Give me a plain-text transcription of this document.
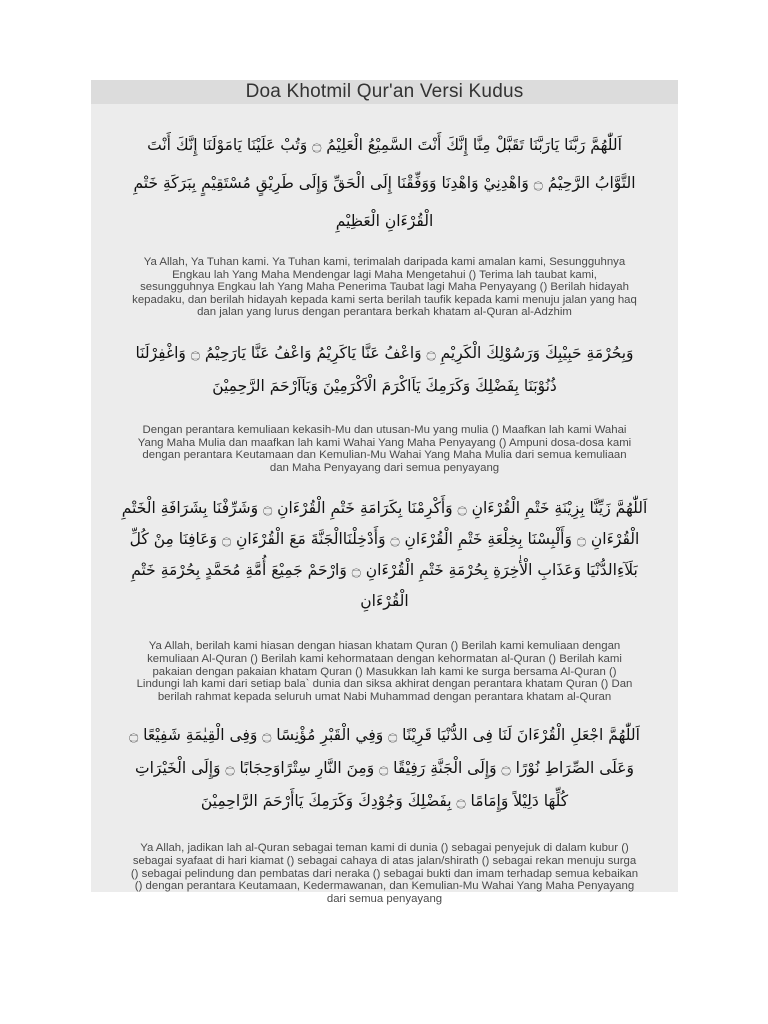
Doa Khotmil Qur'an Versi Kudus

اَللّٰهُمَّ رَبَّنَا يَارَبَّنَا تَقَبَّلْ مِنَّا إِنَّكَ أَنْتَ السَّمِيْعُ الْعَلِيْمُ ۝ وَتُبْ عَلَيْنَا يَامَوْلَنَا إِنَّكَ أَنْتَ

التَّوَّابُ الرَّحِيْمُ ۝ وَاهْدِنِيْ وَاهْدِنَا وَوَفِّقْنَا إِلَى الْحَقِّ وَإِلَى طَرِيْقٍ مُسْتَقِيْمٍ بِبَرَكَةِ خَتْمِ

الْقُرْءَانِ الْعَظِيْمِ

Ya Allah, Ya Tuhan kami. Ya Tuhan kami, terimalah daripada kami amalan kami, Sesungguhnya

Engkau lah Yang Maha Mendengar lagi Maha Mengetahui () Terima lah taubat kami,

sesungguhnya Engkau lah Yang Maha Penerima Taubat lagi Maha Penyayang () Berilah hidayah

kepadaku, dan berilah hidayah kepada kami serta berilah taufik kepada kami menuju jalan yang haq

dan jalan yang lurus dengan perantara berkah khatam al-Quran al-Adzhim

وَبِحُرْمَةِ حَبِيْبِكَ وَرَسُوْلِكَ الْكَرِيْمِ ۝ وَاعْفُ عَنَّا يَاكَرِيْمُ وَاعْفُ عَنَّا يَارَحِيْمُ ۝ وَاغْفِرْلَنَا

ذُنُوْبَنَا بِفَضْلِكَ وَكَرَمِكَ يَاَاكْرَمَ الْاَكْرَمِيْنَ وَيَاَاَرْحَمَ الرَّحِمِيْنَ

Dengan perantara kemuliaan kekasih-Mu dan utusan-Mu yang mulia () Maafkan lah kami Wahai

Yang Maha Mulia dan maafkan lah kami Wahai Yang Maha Penyayang () Ampuni dosa-dosa kami

dengan perantara Keutamaan dan Kemulian-Mu Wahai Yang Maha Mulia dari semua kemuliaan

dan Maha Penyayang dari semua penyayang

اَللّٰهُمَّ زَيِّنَّا بِزِيْنَةِ خَتْمِ الْقُرْءَانِ ۝ وَأَكْرِمْنَا بِكَرَامَةِ خَتْمِ الْقُرْءَانِ ۝ وَشَرِّفْنَا بِشَرَافَةِ الْخَتْمِ

الْقُرْءَانِ ۝ وَأَلْبِسْنَا بِخِلْعَةِ خَتْمِ الْقُرْءَانِ ۝ وَأَدْخِلْنَاالْجَنَّةَ مَعَ الْقُرْءَانِ ۝ وَعَافِنَا مِنْ كُلِّ

بَلَآءِالدُّنْيَا وَعَذَابِ الْأٰخِرَةِ بِحُرْمَةِ خَتْمِ الْقُرْءَانِ ۝ وَارْحَمْ جَمِيْعَ أُمَّةِ مُحَمَّدٍ بِحُرْمَةِ خَتْمِ

الْقُرْءَانِ

Ya Allah, berilah kami hiasan dengan hiasan khatam Quran () Berilah kami kemuliaan dengan

kemuliaan Al-Quran () Berilah kami kehormataan dengan kehormatan al-Quran () Berilah kami

pakaian dengan pakaian khatam Quran () Masukkan lah kami ke surga bersama Al-Quran ()

Lindungi lah kami dari setiap bala` dunia dan siksa akhirat dengan perantara khatam Quran () Dan

berilah rahmat kepada seluruh umat Nabi Muhammad dengan perantara khatam al-Quran

اَللّٰهُمَّ اجْعَلِ الْقُرْءَانَ لَنَا فِى الدُّنْيَا قَرِيْنًا ۝ وَفِي الْقَبْرِ مُؤْنِسًا ۝ وَفِى الْقِيٰمَةِ شَفِيْعًا ۝

وَعَلَى الصِّرَاطِ نُوْرًا ۝ وَإِلَى الْجَنَّةِ رَفِيْقًا ۝ وَمِنَ النَّارِ سِتْرًاوَحِجَابًا ۝ وَإِلَى الْخَيْرَاتِ

كُلِّهَا دَلِيْلاً وَإِمَامًا ۝ بِفَضْلِكَ وَجُوْدِكَ وَكَرَمِكَ يَاأَرْحَمَ الرَّاحِمِيْنَ

Ya Allah, jadikan lah al-Quran sebagai teman kami di dunia () sebagai penyejuk di dalam kubur ()

sebagai syafaat di hari kiamat () sebagai cahaya di atas jalan/shirath () sebagai rekan menuju surga

() sebagai pelindung dan pembatas dari neraka () sebagai bukti dan imam terhadap semua kebaikan

() dengan perantara Keutamaan, Kedermawanan, dan Kemulian-Mu Wahai Yang Maha Penyayang

dari semua penyayang
